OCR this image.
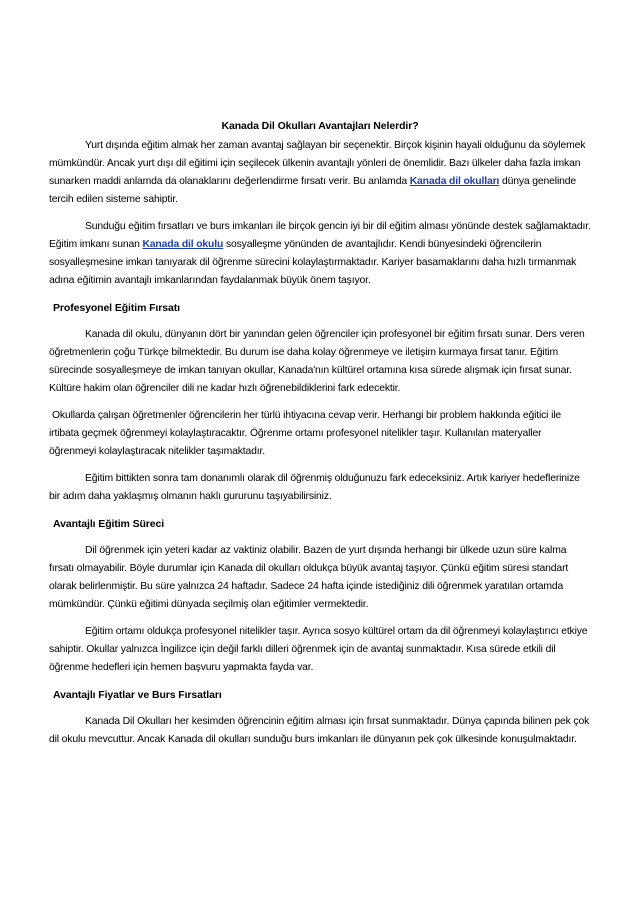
Kanada Dil Okulları Avantajları Nelerdir?

Yurt dışında eğitim almak her zaman avantaj sağlayan bir seçenektir. Birçok kişinin hayali olduğunu da söylemek mümkündür. Ancak yurt dışı dil eğitimi için seçilecek ülkenin avantajlı yönleri de önemlidir. Bazı ülkeler daha fazla imkan sunarken maddi anlamda da olanaklarını değerlendirme fırsatı verir. Bu anlamda Kanada dil okulları dünya genelinde tercih edilen sisteme sahiptir.

Sunduğu eğitim fırsatları ve burs imkanları ile birçok gencin iyi bir dil eğitim alması yönünde destek sağlamaktadır. Eğitim imkanı sunan Kanada dil okulu sosyalleşme yönünden de avantajlıdır. Kendi bünyesindeki öğrencilerin sosyalleşmesine imkan tanıyarak dil öğrenme sürecini kolaylaştırmaktadır. Kariyer basamaklarını daha hızlı tırmanmak adına eğitimin avantajlı imkanlarından faydalanmak büyük önem taşıyor.

Profesyonel Eğitim Fırsatı

Kanada dil okulu, dünyanın dört bir yanından gelen öğrenciler için profesyonel bir eğitim fırsatı sunar. Ders veren öğretmenlerin çoğu Türkçe bilmektedir. Bu durum ise daha kolay öğrenmeye ve iletişim kurmaya fırsat tanır. Eğitim sürecinde sosyalleşmeye de imkan tanıyan okullar, Kanada'nın kültürel ortamına kısa sürede alışmak için fırsat sunar. Kültüre hakim olan öğrenciler dili ne kadar hızlı öğrenebildiklerini fark edecektir.

Okullarda çalışan öğretmenler öğrencilerin her türlü ihtiyacına cevap verir. Herhangi bir problem hakkında eğitici ile irtibata geçmek öğrenmeyi kolaylaştıracaktır. Öğrenme ortamı profesyonel nitelikler taşır. Kullanılan materyaller öğrenmeyi kolaylaştıracak nitelikler taşımaktadır.

Eğitim bittikten sonra tam donanımlı olarak dil öğrenmiş olduğunuzu fark edeceksiniz. Artık kariyer hedeflerinize bir adım daha yaklaşmış olmanın haklı gururunu taşıyabilirsiniz.

Avantajlı Eğitim Süreci

Dil öğrenmek için yeteri kadar az vaktiniz olabilir. Bazen de yurt dışında herhangi bir ülkede uzun süre kalma fırsatı olmayabilir. Böyle durumlar için Kanada dil okulları oldukça büyük avantaj taşıyor. Çünkü eğitim süresi standart olarak belirlenmiştir. Bu süre yalnızca 24 haftadır. Sadece 24 hafta içinde istediğiniz dili öğrenmek yaratılan ortamda mümkündür. Çünkü eğitimi dünyada seçilmiş olan eğitimler vermektedir.

Eğitim ortamı oldukça profesyonel nitelikler taşır. Ayrıca sosyo kültürel ortam da dil öğrenmeyi kolaylaştırıcı etkiye sahiptir. Okullar yalnızca İngilizce için değil farklı dilleri öğrenmek için de avantaj sunmaktadır. Kısa sürede etkili dil öğrenme hedefleri için hemen başvuru yapmakta fayda var.

Avantajlı Fiyatlar ve Burs Fırsatları

Kanada Dil Okulları her kesimden öğrencinin eğitim alması için fırsat sunmaktadır. Dünya çapında bilinen pek çok dil okulu mevcuttur. Ancak Kanada dil okulları sunduğu burs imkanları ile dünyanın pek çok ülkesinde konuşulmaktadır.
